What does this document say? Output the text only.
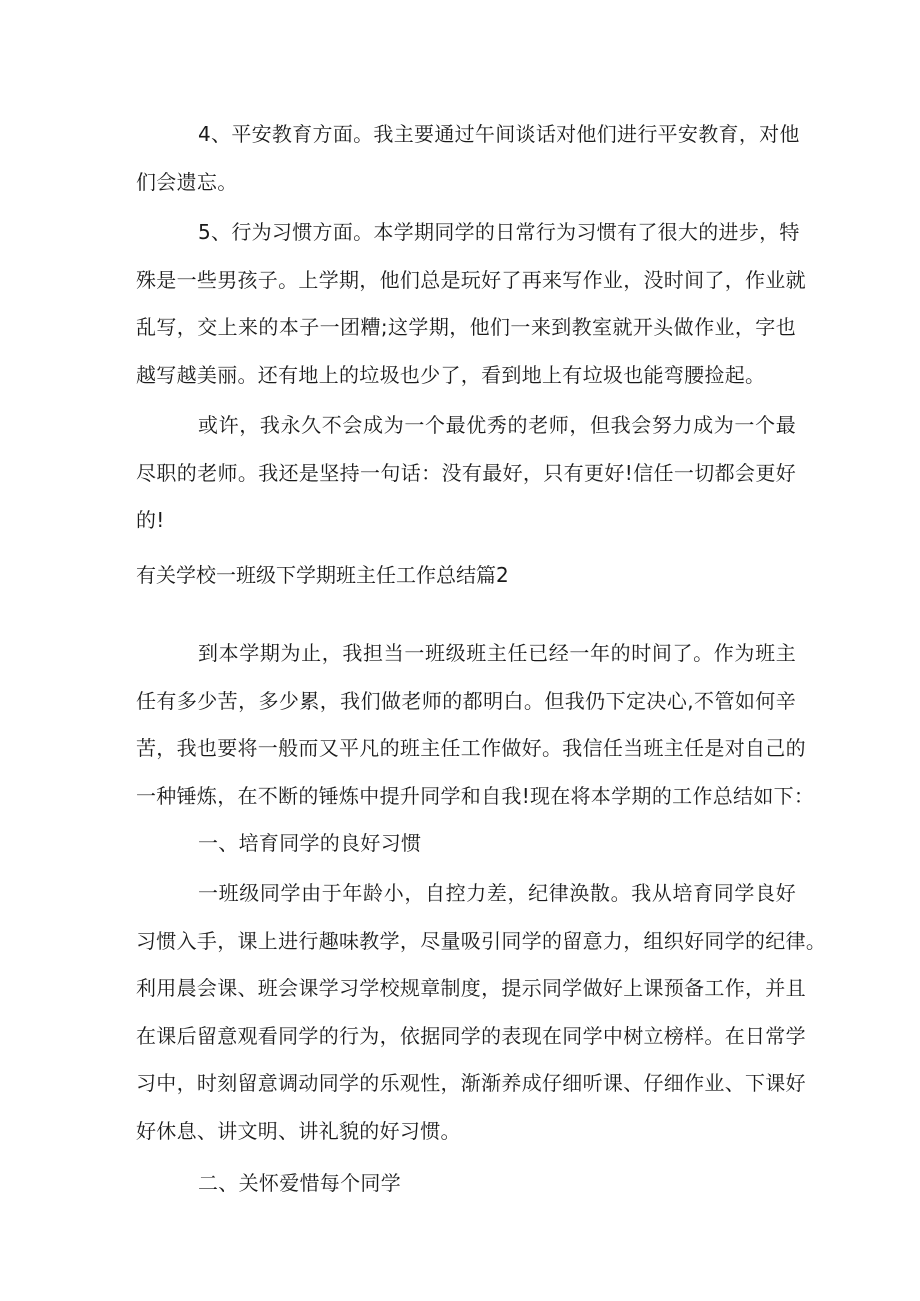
4、平安教育方面。我主要通过午间谈话对他们进行平安教育，对他
们会遗忘。
5、行为习惯方面。本学期同学的日常行为习惯有了很大的进步，特
殊是一些男孩子。上学期，他们总是玩好了再来写作业，没时间了，作业就
乱写，交上来的本子一团糟;这学期，他们一来到教室就开头做作业，字也
越写越美丽。还有地上的垃圾也少了，看到地上有垃圾也能弯腰捡起。
或许，我永久不会成为一个最优秀的老师，但我会努力成为一个最
尽职的老师。我还是坚持一句话：没有最好，只有更好!信任一切都会更好
的!
有关学校一班级下学期班主任工作总结篇2
到本学期为止，我担当一班级班主任已经一年的时间了。作为班主
任有多少苦，多少累，我们做老师的都明白。但我仍下定决心,不管如何辛
苦，我也要将一般而又平凡的班主任工作做好。我信任当班主任是对自己的
一种锤炼，在不断的锤炼中提升同学和自我!现在将本学期的工作总结如下：
一、培育同学的良好习惯
一班级同学由于年龄小，自控力差，纪律涣散。我从培育同学良好
习惯入手，课上进行趣味教学，尽量吸引同学的留意力，组织好同学的纪律。
利用晨会课、班会课学习学校规章制度，提示同学做好上课预备工作，并且
在课后留意观看同学的行为，依据同学的表现在同学中树立榜样。在日常学
习中，时刻留意调动同学的乐观性，渐渐养成仔细听课、仔细作业、下课好
好休息、讲文明、讲礼貌的好习惯。
二、关怀爱惜每个同学
